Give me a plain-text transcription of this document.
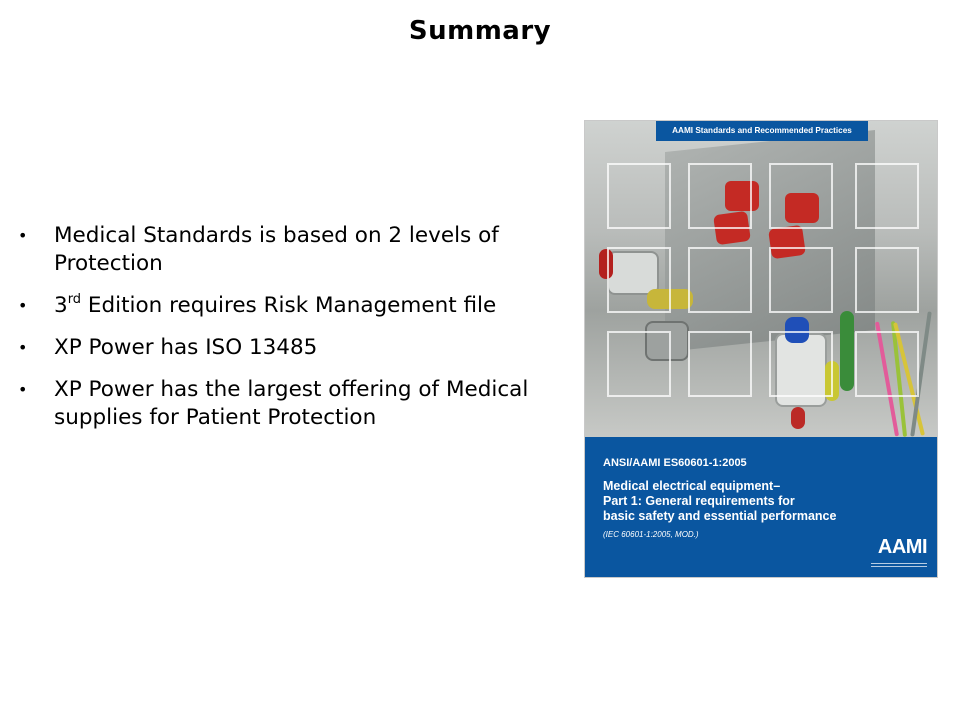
Summary
• Medical Standards is based on 2 levels of Protection
• 3rd Edition requires Risk Management file
• XP Power has ISO 13485
• XP Power has the largest offering of Medical supplies for Patient Protection
AAMI Standards and Recommended Practices
ANSI/AAMI ES60601-1:2005
Medical electrical equipment–
Part 1: General requirements for
basic safety and essential performance
(IEC 60601-1:2005, MOD.)
AAMI
